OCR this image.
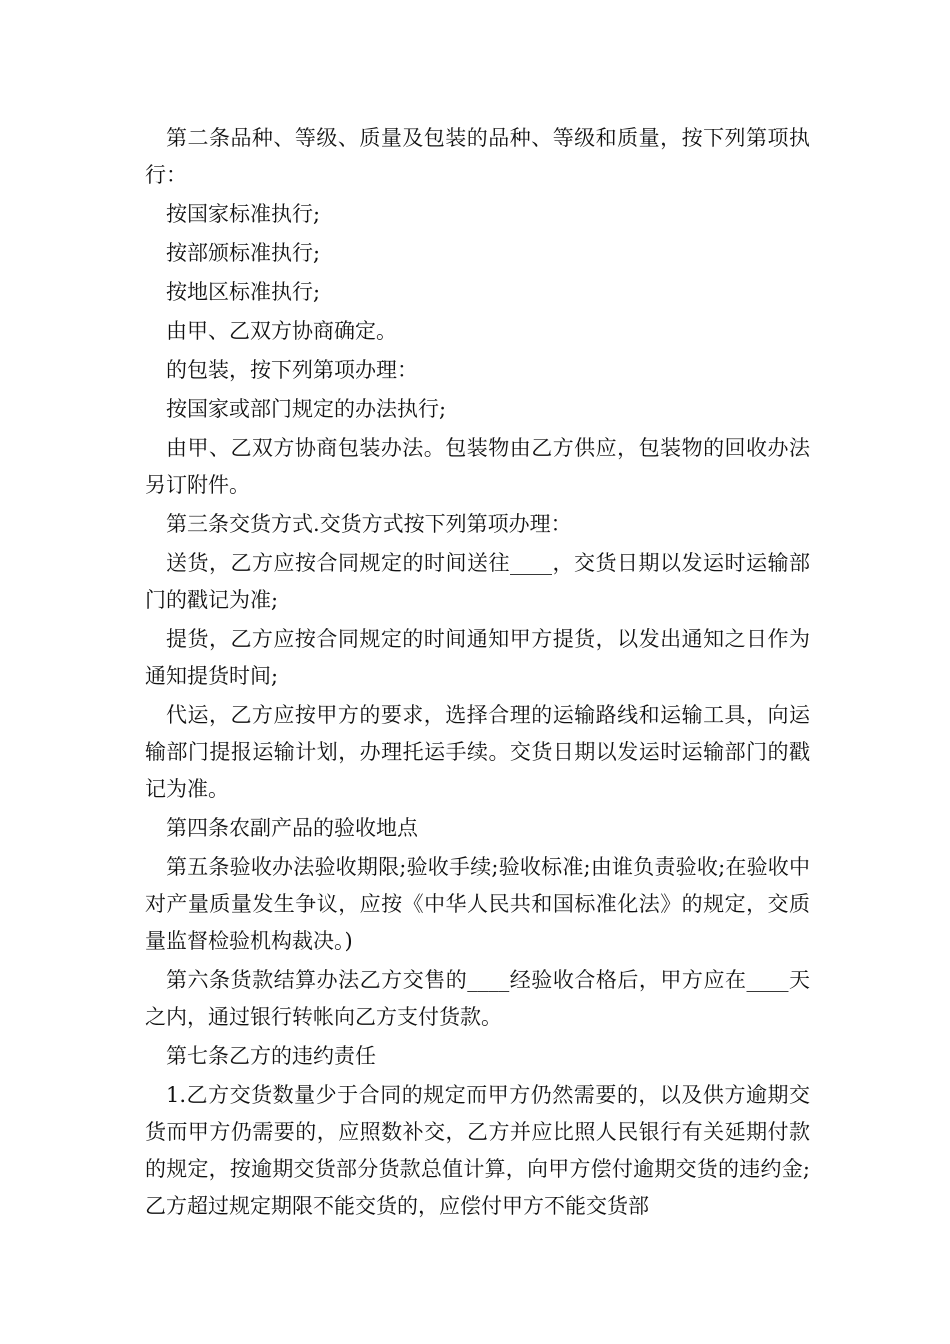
第二条品种、等级、质量及包装的品种、等级和质量，按下列第项执行：

按国家标准执行;

按部颁标准执行;

按地区标准执行;

由甲、乙双方协商确定。

的包装，按下列第项办理：

按国家或部门规定的办法执行;

由甲、乙双方协商包装办法。包装物由乙方供应，包装物的回收办法另订附件。

第三条交货方式.交货方式按下列第项办理：

送货，乙方应按合同规定的时间送往____，交货日期以发运时运输部门的戳记为准;

提货，乙方应按合同规定的时间通知甲方提货，以发出通知之日作为通知提货时间;

代运，乙方应按甲方的要求，选择合理的运输路线和运输工具，向运输部门提报运输计划，办理托运手续。交货日期以发运时运输部门的戳记为准。

第四条农副产品的验收地点

第五条验收办法验收期限;验收手续;验收标准;由谁负责验收;在验收中对产量质量发生争议，应按《中华人民共和国标准化法》的规定，交质量监督检验机构裁决。)

第六条货款结算办法乙方交售的____经验收合格后，甲方应在____天之内，通过银行转帐向乙方支付货款。

第七条乙方的违约责任

1.乙方交货数量少于合同的规定而甲方仍然需要的，以及供方逾期交货而甲方仍需要的，应照数补交，乙方并应比照人民银行有关延期付款的规定，按逾期交货部分货款总值计算，向甲方偿付逾期交货的违约金;乙方超过规定期限不能交货的，应偿付甲方不能交货部
